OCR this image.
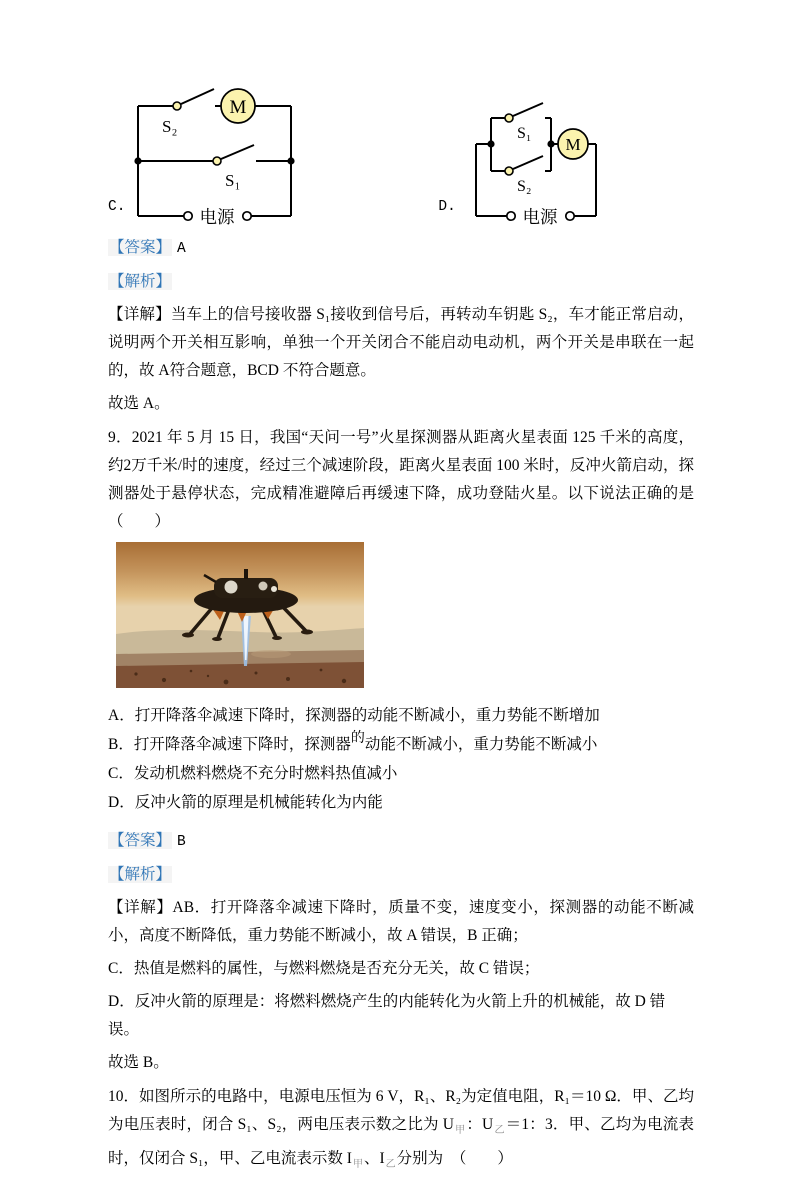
C.
M
电源
S₂
S₁
D.
M
电源
S₁
S₂

【答案】 A

【解析】

【详解】当车上的信号接收器 S₁接收到信号后，再转动车钥匙 S₂，车才能正常启动，说明两个开关相互影响，单独一个开关闭合不能启动电动机，两个开关是串联在一起的，故 A符合题意，BCD 不符合题意。

故选 A。

9．2021 年 5 月 15 日，我国“天问一号”火星探测器从距离火星表面 125 千米的高度，约2万千米/时的速度，经过三个减速阶段，距离火星表面 100 米时，反冲火箭启动，探测器处于悬停状态，完成精准避障后再缓速下降，成功登陆火星。以下说法正确的是（　　）

A．打开降落伞减速下降时，探测器的动能不断减小，重力势能不断增加

B．打开降落伞减速下降时，探测器的动能不断减小，重力势能不断减小

C．发动机燃料燃烧不充分时燃料热值减小

D．反冲火箭的原理是机械能转化为内能

【答案】 B

【解析】

【详解】AB．打开降落伞减速下降时，质量不变，速度变小，探测器的动能不断减小，高度不断降低，重力势能不断减小，故 A 错误，B 正确；

C．热值是燃料的属性，与燃料燃烧是否充分无关，故 C 错误；

D．反冲火箭的原理是：将燃料燃烧产生的内能转化为火箭上升的机械能，故 D 错误。

故选 B。

10．如图所示的电路中，电源电压恒为 6 V，R₁、R₂为定值电阻，R₁＝10 Ω．甲、乙均为电压表时，闭合 S₁、S₂，两电压表示数之比为 $U_甲$：$U_乙=1$：3．甲、乙均为电流表时，仅闭合 S₁，甲、乙电流表示数 $I_甲$、$I_乙$分别为　（　　）
